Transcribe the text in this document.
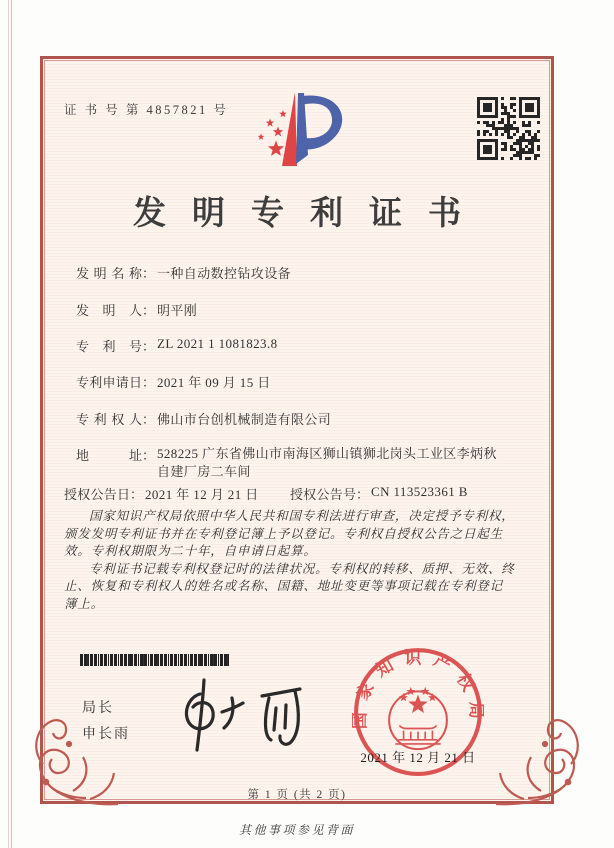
证 书 号 第 4857821 号
发明专利证书
发明名称： 一种自动数控钻攻设备
发明人： 明平刚
专利号： ZL 2021 1 1081823.8
专利申请日： 2021 年 09 月 15 日
专利权人： 佛山市台创机械制造有限公司
地址： 528225 广东省佛山市南海区狮山镇狮北岗头工业区李炳秋自建厂房二车间
授权公告日： 2021 年 12 月 21 日 授权公告号： CN 113523361 B

国家知识产权局依照中华人民共和国专利法进行审查，决定授予专利权，颁发发明专利证书并在专利登记簿上予以登记。专利权自授权公告之日起生效。专利权期限为二十年，自申请日起算。

专利证书记载专利权登记时的法律状况。专利权的转移、质押、无效、终止、恢复和专利权人的姓名或名称、国籍、地址变更等事项记载在专利登记簿上。

局长
申长雨
国家知识产权局
2021 年 12 月 21 日
第 1 页 (共 2 页)
其他事项参见背面
